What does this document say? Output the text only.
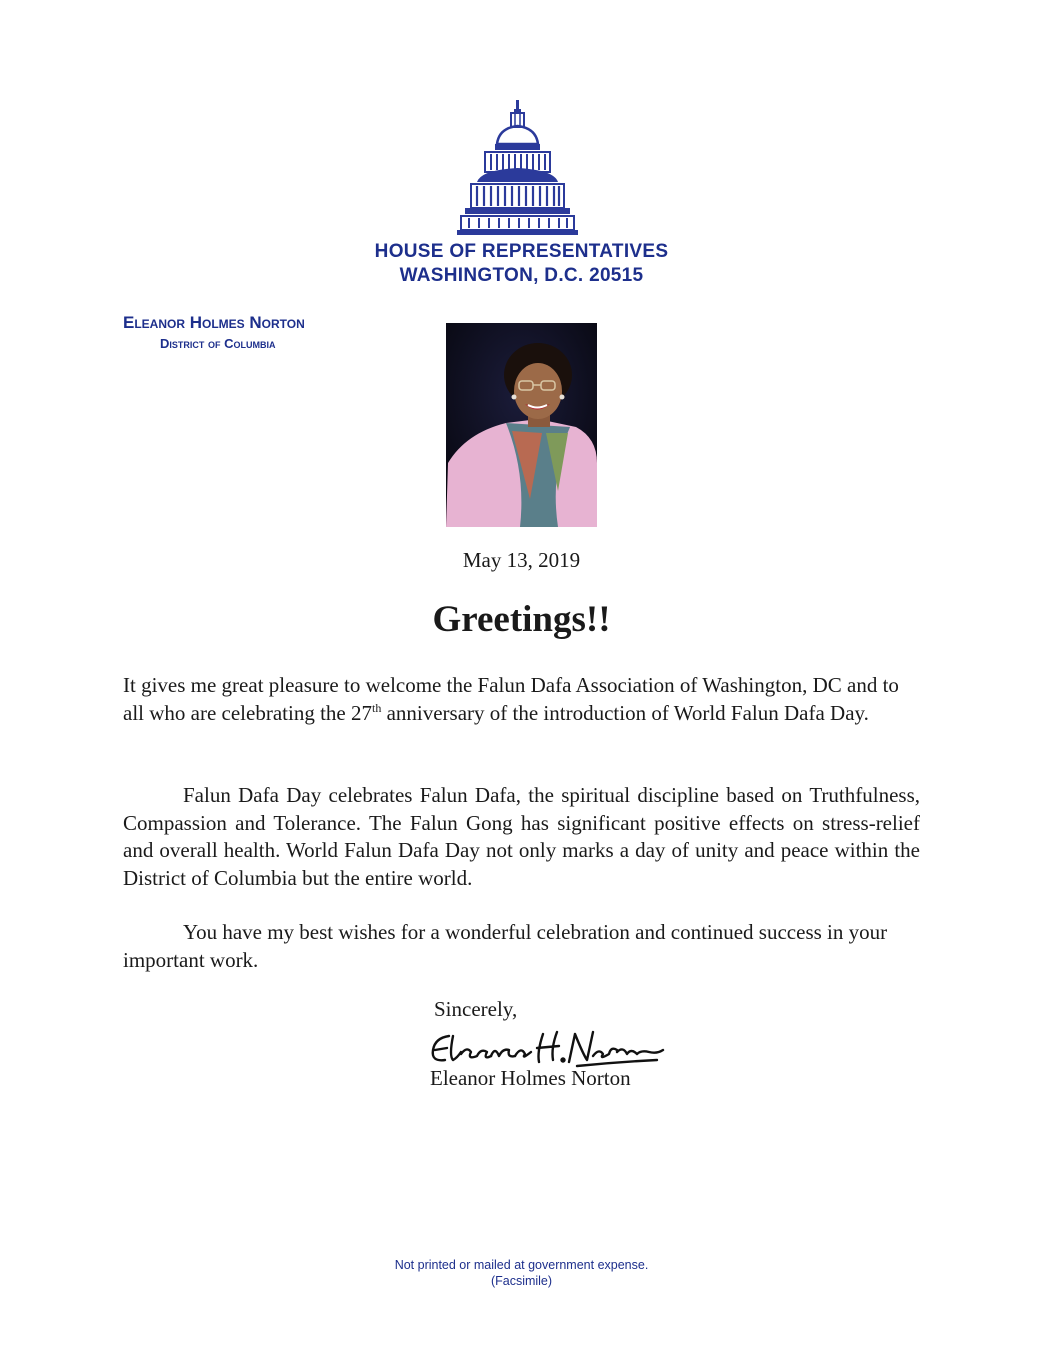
HOUSE OF REPRESENTATIVES
WASHINGTON, D.C. 20515
Eleanor Holmes Norton
District of Columbia
May 13, 2019
Greetings!!
It gives me great pleasure to welcome the Falun Dafa Association of Washington, DC and to all who are celebrating the 27th anniversary of the introduction of World Falun Dafa Day.
Falun Dafa Day celebrates Falun Dafa, the spiritual discipline based on Truthfulness, Compassion and Tolerance. The Falun Gong has significant positive effects on stress-relief and overall health. World Falun Dafa Day not only marks a day of unity and peace within the District of Columbia but the entire world.
You have my best wishes for a wonderful celebration and continued success in your important work.
Sincerely,
Eleanor Holmes Norton
Not printed or mailed at government expense.
(Facsimile)
